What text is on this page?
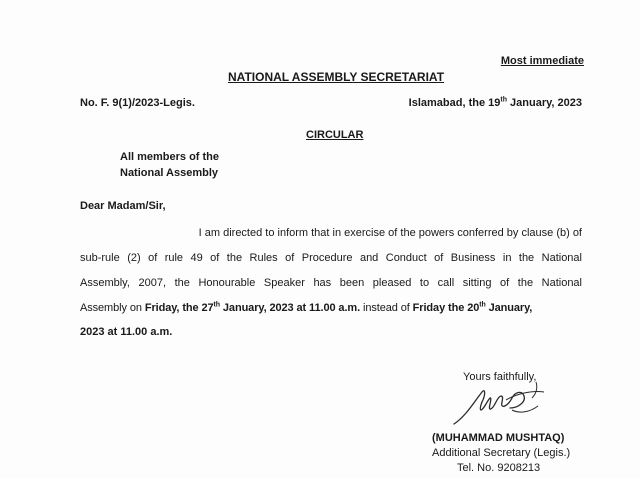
Most immediate
NATIONAL ASSEMBLY SECRETARIAT
No. F. 9(1)/2023-Legis.	Islamabad, the 19th January, 2023
CIRCULAR
All members of the
National Assembly
Dear Madam/Sir,
I am directed to inform that in exercise of the powers conferred by clause (b) of
sub-rule (2) of rule 49 of the Rules of Procedure and Conduct of Business in the National
Assembly, 2007, the Honourable Speaker has been pleased to call sitting of the National
Assembly on Friday, the 27th January, 2023 at 11.00 a.m. instead of Friday the 20th January,
2023 at 11.00 a.m.
Yours faithfully,
(MUHAMMAD MUSHTAQ)
Additional Secretary (Legis.)
Tel. No. 9208213
